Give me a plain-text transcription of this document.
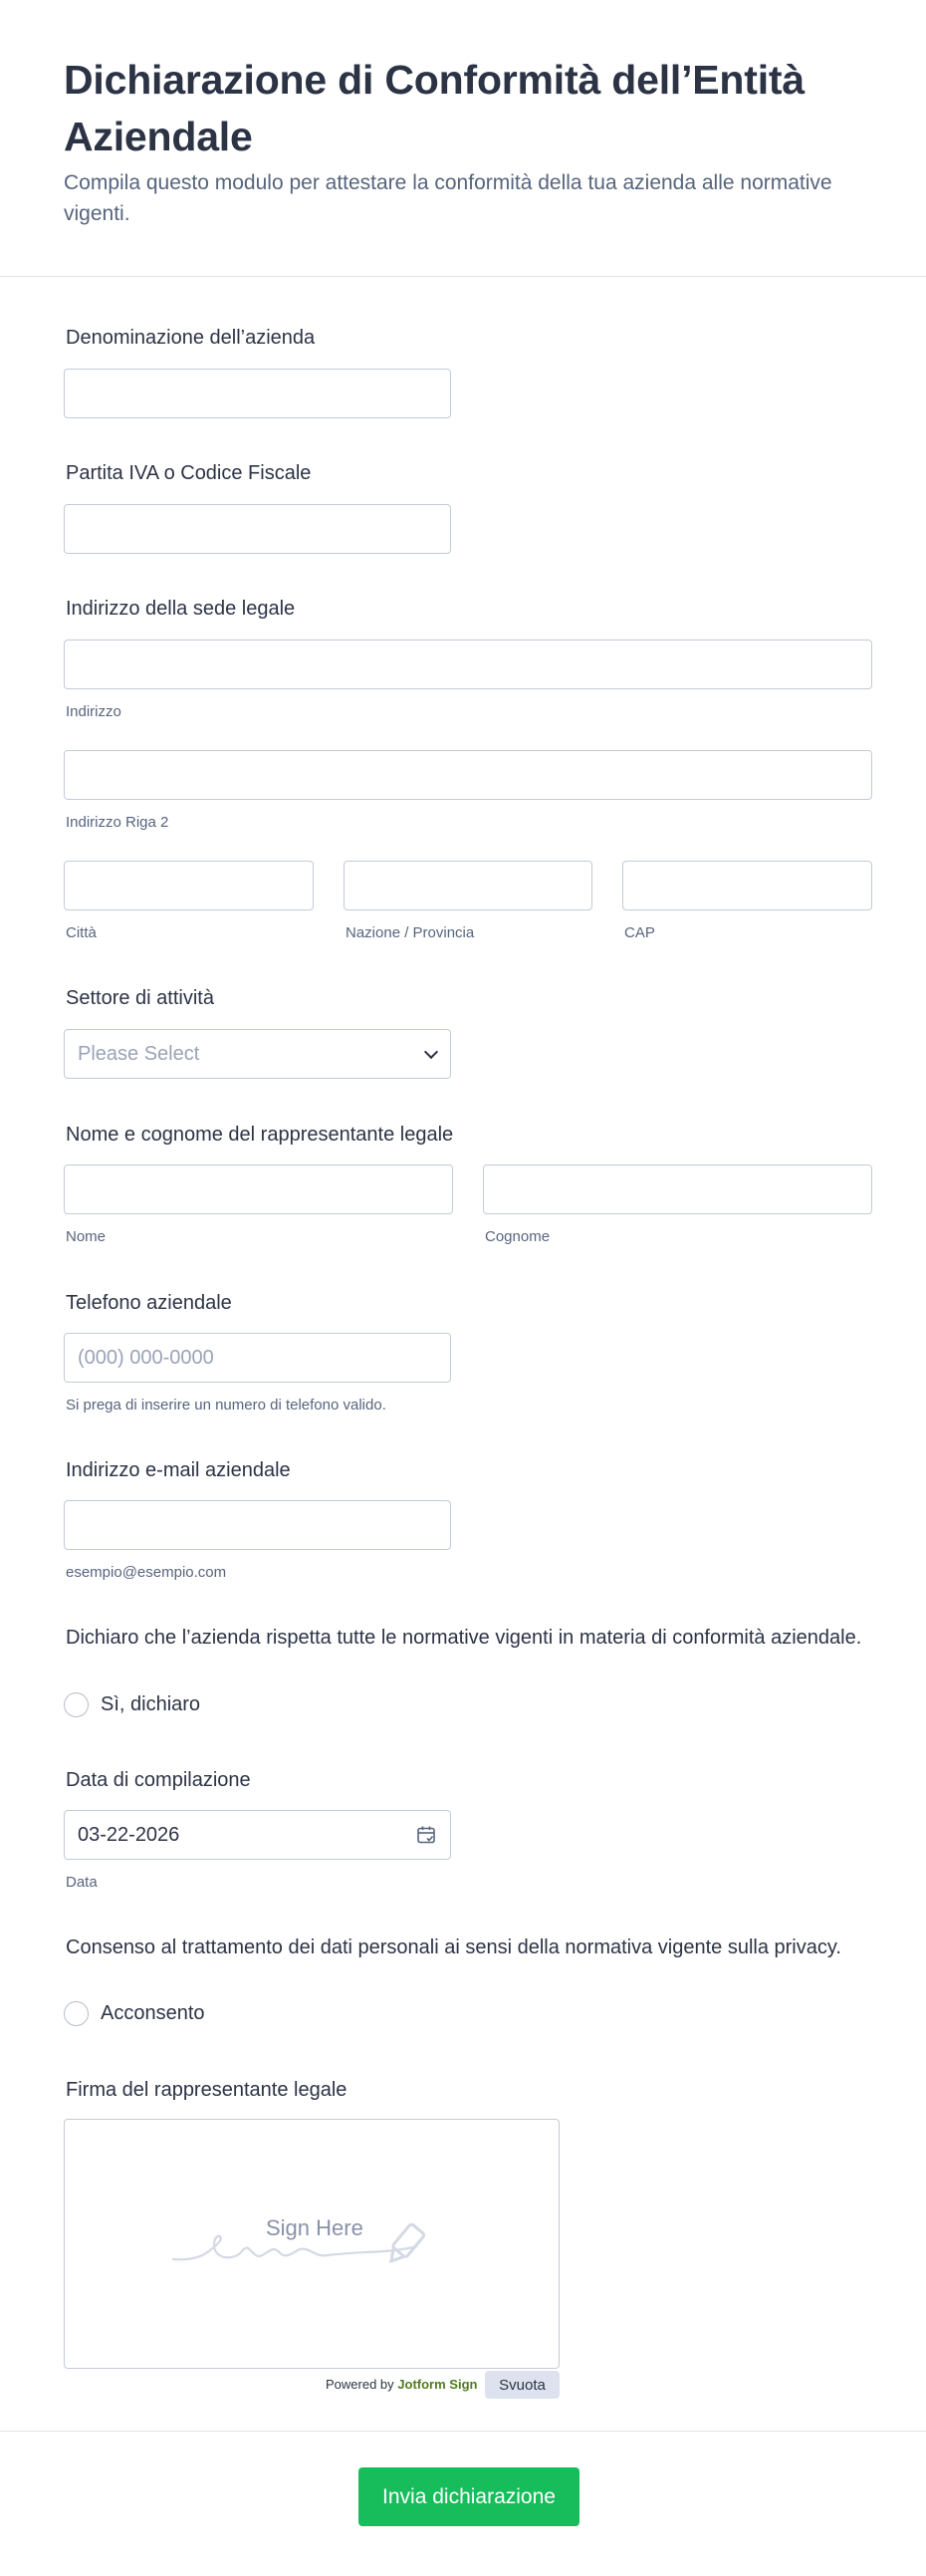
Dichiarazione di Conformità dell’Entità Aziendale

Compila questo modulo per attestare la conformità della tua azienda alle normative vigenti.

Denominazione dell’azienda
Partita IVA o Codice Fiscale
Indirizzo della sede legale
Indirizzo
Indirizzo Riga 2
Città	Nazione / Provincia	CAP
Settore di attività
Please Select
Nome e cognome del rappresentante legale
Nome	Cognome
Telefono aziendale
(000) 000-0000
Si prega di inserire un numero di telefono valido.
Indirizzo e-mail aziendale
esempio@esempio.com
Dichiaro che l’azienda rispetta tutte le normative vigenti in materia di conformità aziendale.
Sì, dichiaro
Data di compilazione
03-22-2026
Data
Consenso al trattamento dei dati personali ai sensi della normativa vigente sulla privacy.
Acconsento
Firma del rappresentante legale
Sign Here
Powered by Jotform Sign	Svuota
Invia dichiarazione
